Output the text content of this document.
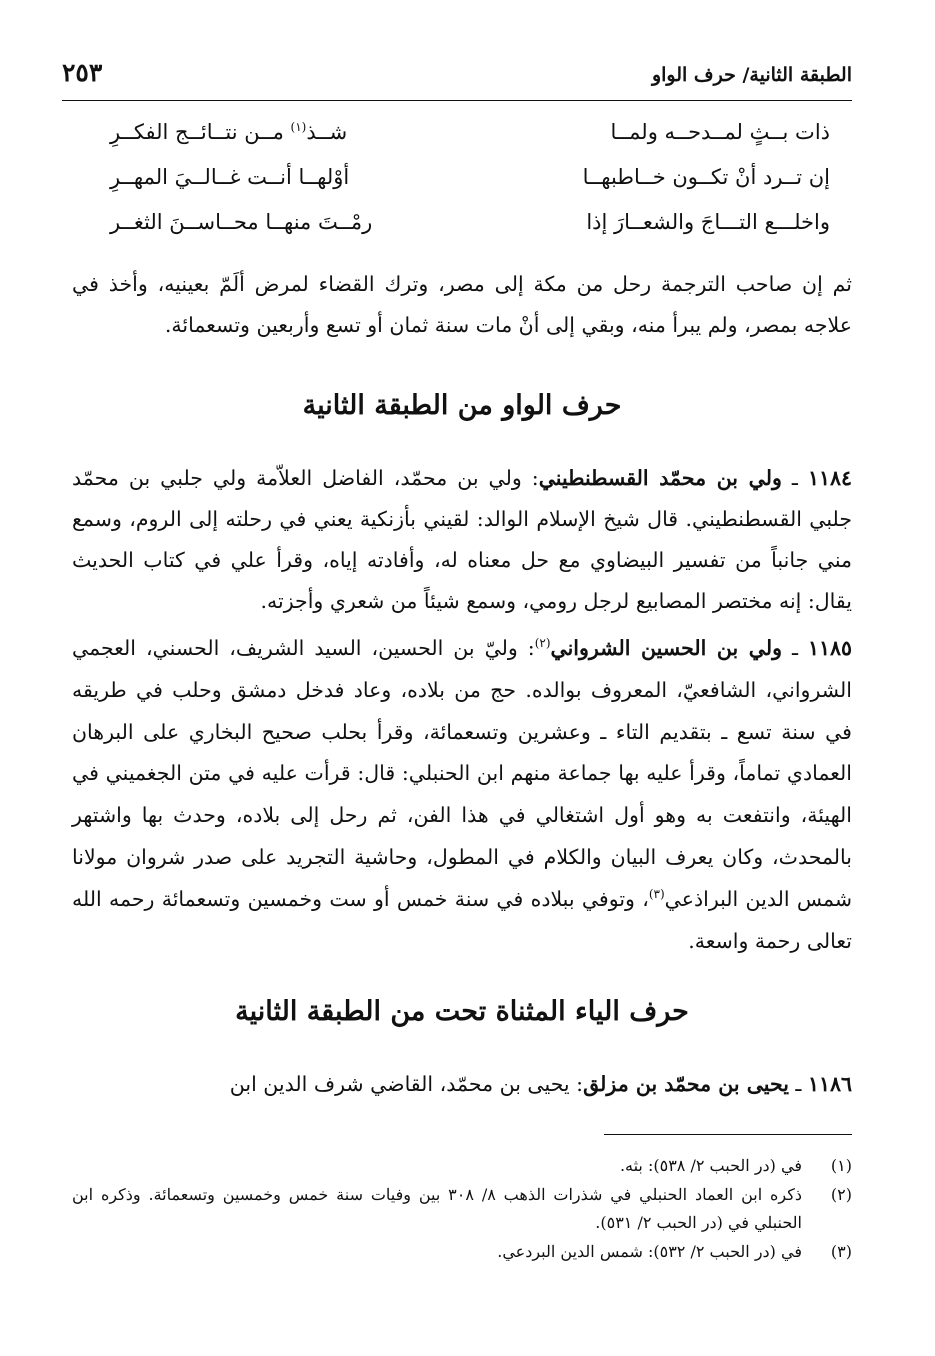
الطبقة الثانية/ حرف الواو
٢٥٣
ذات بــثٍ لمــدحــه ولمــا
شــذ$^{(١)}$ مــن نتــائــج الفكــرِ
إن تــرد أنْ تكــون خــاطبهــا
أوْلهــا أنــت غــالــيَ المهــرِ
واخلـــع التـــاجَ والشعــارَ إذا
رمْــتَ منهــا محــاســنَ الثغــر

ثم إن صاحب الترجمة رحل من مكة إلى مصر، وترك القضاء لمرض ألَمّ بعينيه، وأخذ في علاجه بمصر، ولم يبرأ منه، وبقي إلى أنْ مات سنة ثمان أو تسع وأربعين وتسعمائة.

حرف الواو من الطبقة الثانية

١١٨٤ ـ ولي بن محمّد القسطنطيني: ولي بن محمّد، الفاضل العلاّمة ولي جلبي بن محمّد جلبي القسطنطيني. قال شيخ الإسلام الوالد: لقيني بأزنكية يعني في رحلته إلى الروم، وسمع مني جانباً من تفسير البيضاوي مع حل معناه له، وأفادته إياه، وقرأ علي في كتاب الحديث يقال: إنه مختصر المصابيع لرجل رومي، وسمع شيئاً من شعري وأجزته.

١١٨٥ ـ ولي بن الحسين الشرواني$^{(٢)}$: وليّ بن الحسين، السيد الشريف، الحسني، العجمي الشرواني، الشافعيّ، المعروف بوالده. حج من بلاده، وعاد فدخل دمشق وحلب في طريقه في سنة تسع ـ بتقديم التاء ـ وعشرين وتسعمائة، وقرأ بحلب صحيح البخاري على البرهان العمادي تماماً، وقرأ عليه بها جماعة منهم ابن الحنبلي: قال: قرأت عليه في متن الجغميني في الهيئة، وانتفعت به وهو أول اشتغالي في هذا الفن، ثم رحل إلى بلاده، وحدث بها واشتهر بالمحدث، وكان يعرف البيان والكلام في المطول، وحاشية التجريد على صدر شروان مولانا شمس الدين البراذعي$^{(٣)}$، وتوفي ببلاده في سنة خمس أو ست وخمسين وتسعمائة رحمه الله تعالى رحمة واسعة.

حرف الياء المثناة تحت من الطبقة الثانية

١١٨٦ ـ يحيى بن محمّد بن مزلق: يحيى بن محمّد، القاضي شرف الدين ابن

(١)
في (در الحبب ٢/ ٥٣٨): بثه.

(٢)
ذكره ابن العماد الحنبلي في شذرات الذهب ٨/ ٣٠٨ بين وفيات سنة خمس وخمسين وتسعمائة. وذكره ابن الحنبلي في (در الحبب ٢/ ٥٣١).

(٣)
في (در الحبب ٢/ ٥٣٢): شمس الدين البردعي.
